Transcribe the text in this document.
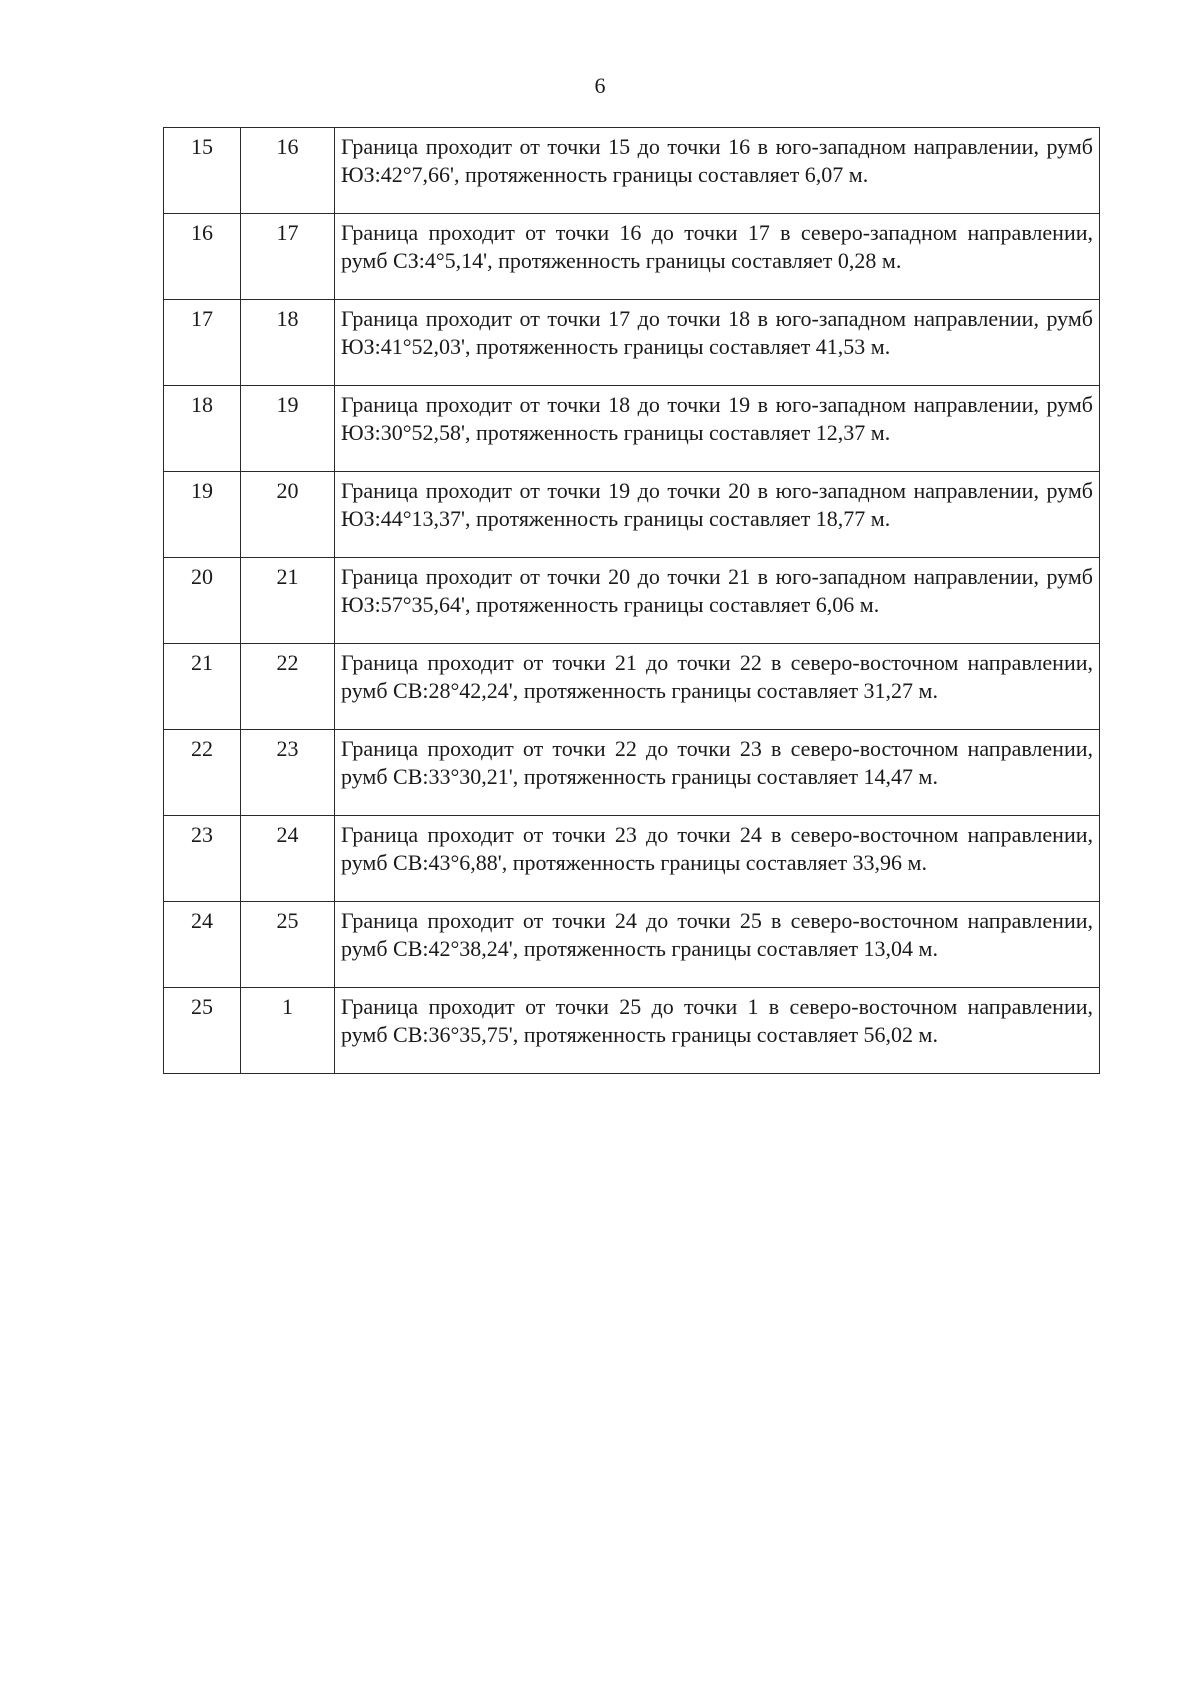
6
15	16	Граница проходит от точки 15 до точки 16 в юго-западном направлении, румб ЮЗ:42°7,66', протяженность границы составляет 6,07 м.
16	17	Граница проходит от точки 16 до точки 17 в северо-западном направлении, румб СЗ:4°5,14', протяженность границы составляет 0,28 м.
17	18	Граница проходит от точки 17 до точки 18 в юго-западном направлении, румб ЮЗ:41°52,03', протяженность границы составляет 41,53 м.
18	19	Граница проходит от точки 18 до точки 19 в юго-западном направлении, румб ЮЗ:30°52,58', протяженность границы составляет 12,37 м.
19	20	Граница проходит от точки 19 до точки 20 в юго-западном направлении, румб ЮЗ:44°13,37', протяженность границы составляет 18,77 м.
20	21	Граница проходит от точки 20 до точки 21 в юго-западном направлении, румб ЮЗ:57°35,64', протяженность границы составляет 6,06 м.
21	22	Граница проходит от точки 21 до точки 22 в северо-восточном направлении, румб СВ:28°42,24', протяженность границы составляет 31,27 м.
22	23	Граница проходит от точки 22 до точки 23 в северо-восточном направлении, румб СВ:33°30,21', протяженность границы составляет 14,47 м.
23	24	Граница проходит от точки 23 до точки 24 в северо-восточном направлении, румб СВ:43°6,88', протяженность границы составляет 33,96 м.
24	25	Граница проходит от точки 24 до точки 25 в северо-восточном направлении, румб СВ:42°38,24', протяженность границы составляет 13,04 м.
25	1	Граница проходит от точки 25 до точки 1 в северо-восточном направлении, румб СВ:36°35,75', протяженность границы составляет 56,02 м.
